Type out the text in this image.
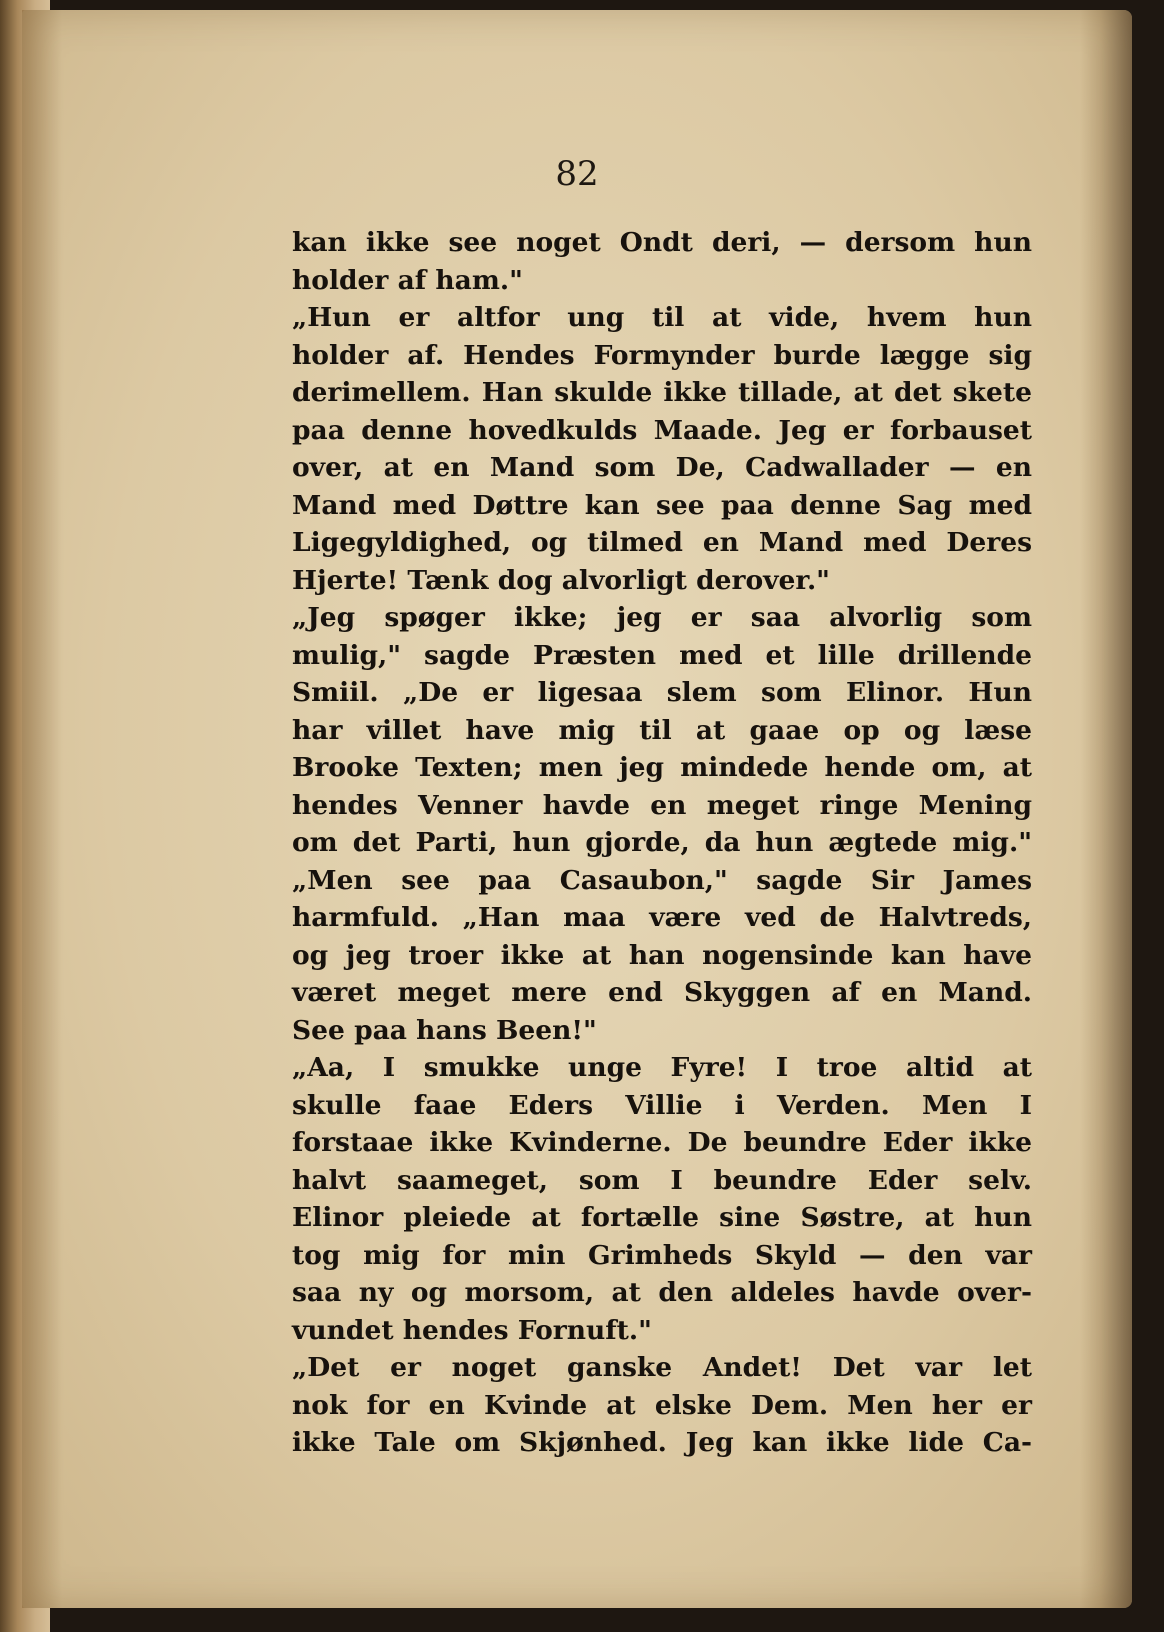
82

kan ikke see noget Ondt deri, — dersom hun
holder af ham."
„Hun er altfor ung til at vide, hvem hun
holder af. Hendes Formynder burde lægge sig
derimellem. Han skulde ikke tillade, at det skete
paa denne hovedkulds Maade. Jeg er forbauset
over, at en Mand som De, Cadwallader — en
Mand med Døttre kan see paa denne Sag med
Ligegyldighed, og tilmed en Mand med Deres
Hjerte! Tænk dog alvorligt derover."
„Jeg spøger ikke; jeg er saa alvorlig som
mulig," sagde Præsten med et lille drillende
Smiil. „De er ligesaa slem som Elinor. Hun
har villet have mig til at gaae op og læse
Brooke Texten; men jeg mindede hende om, at
hendes Venner havde en meget ringe Mening
om det Parti, hun gjorde, da hun ægtede mig."
„Men see paa Casaubon," sagde Sir James
harmfuld. „Han maa være ved de Halvtreds,
og jeg troer ikke at han nogensinde kan have
været meget mere end Skyggen af en Mand.
See paa hans Been!"
„Aa, I smukke unge Fyre! I troe altid at
skulle faae Eders Villie i Verden. Men I
forstaae ikke Kvinderne. De beundre Eder ikke
halvt saameget, som I beundre Eder selv.
Elinor pleiede at fortælle sine Søstre, at hun
tog mig for min Grimheds Skyld — den var
saa ny og morsom, at den aldeles havde over-
vundet hendes Fornuft."
„Det er noget ganske Andet! Det var let
nok for en Kvinde at elske Dem. Men her er
ikke Tale om Skjønhed. Jeg kan ikke lide Ca-
